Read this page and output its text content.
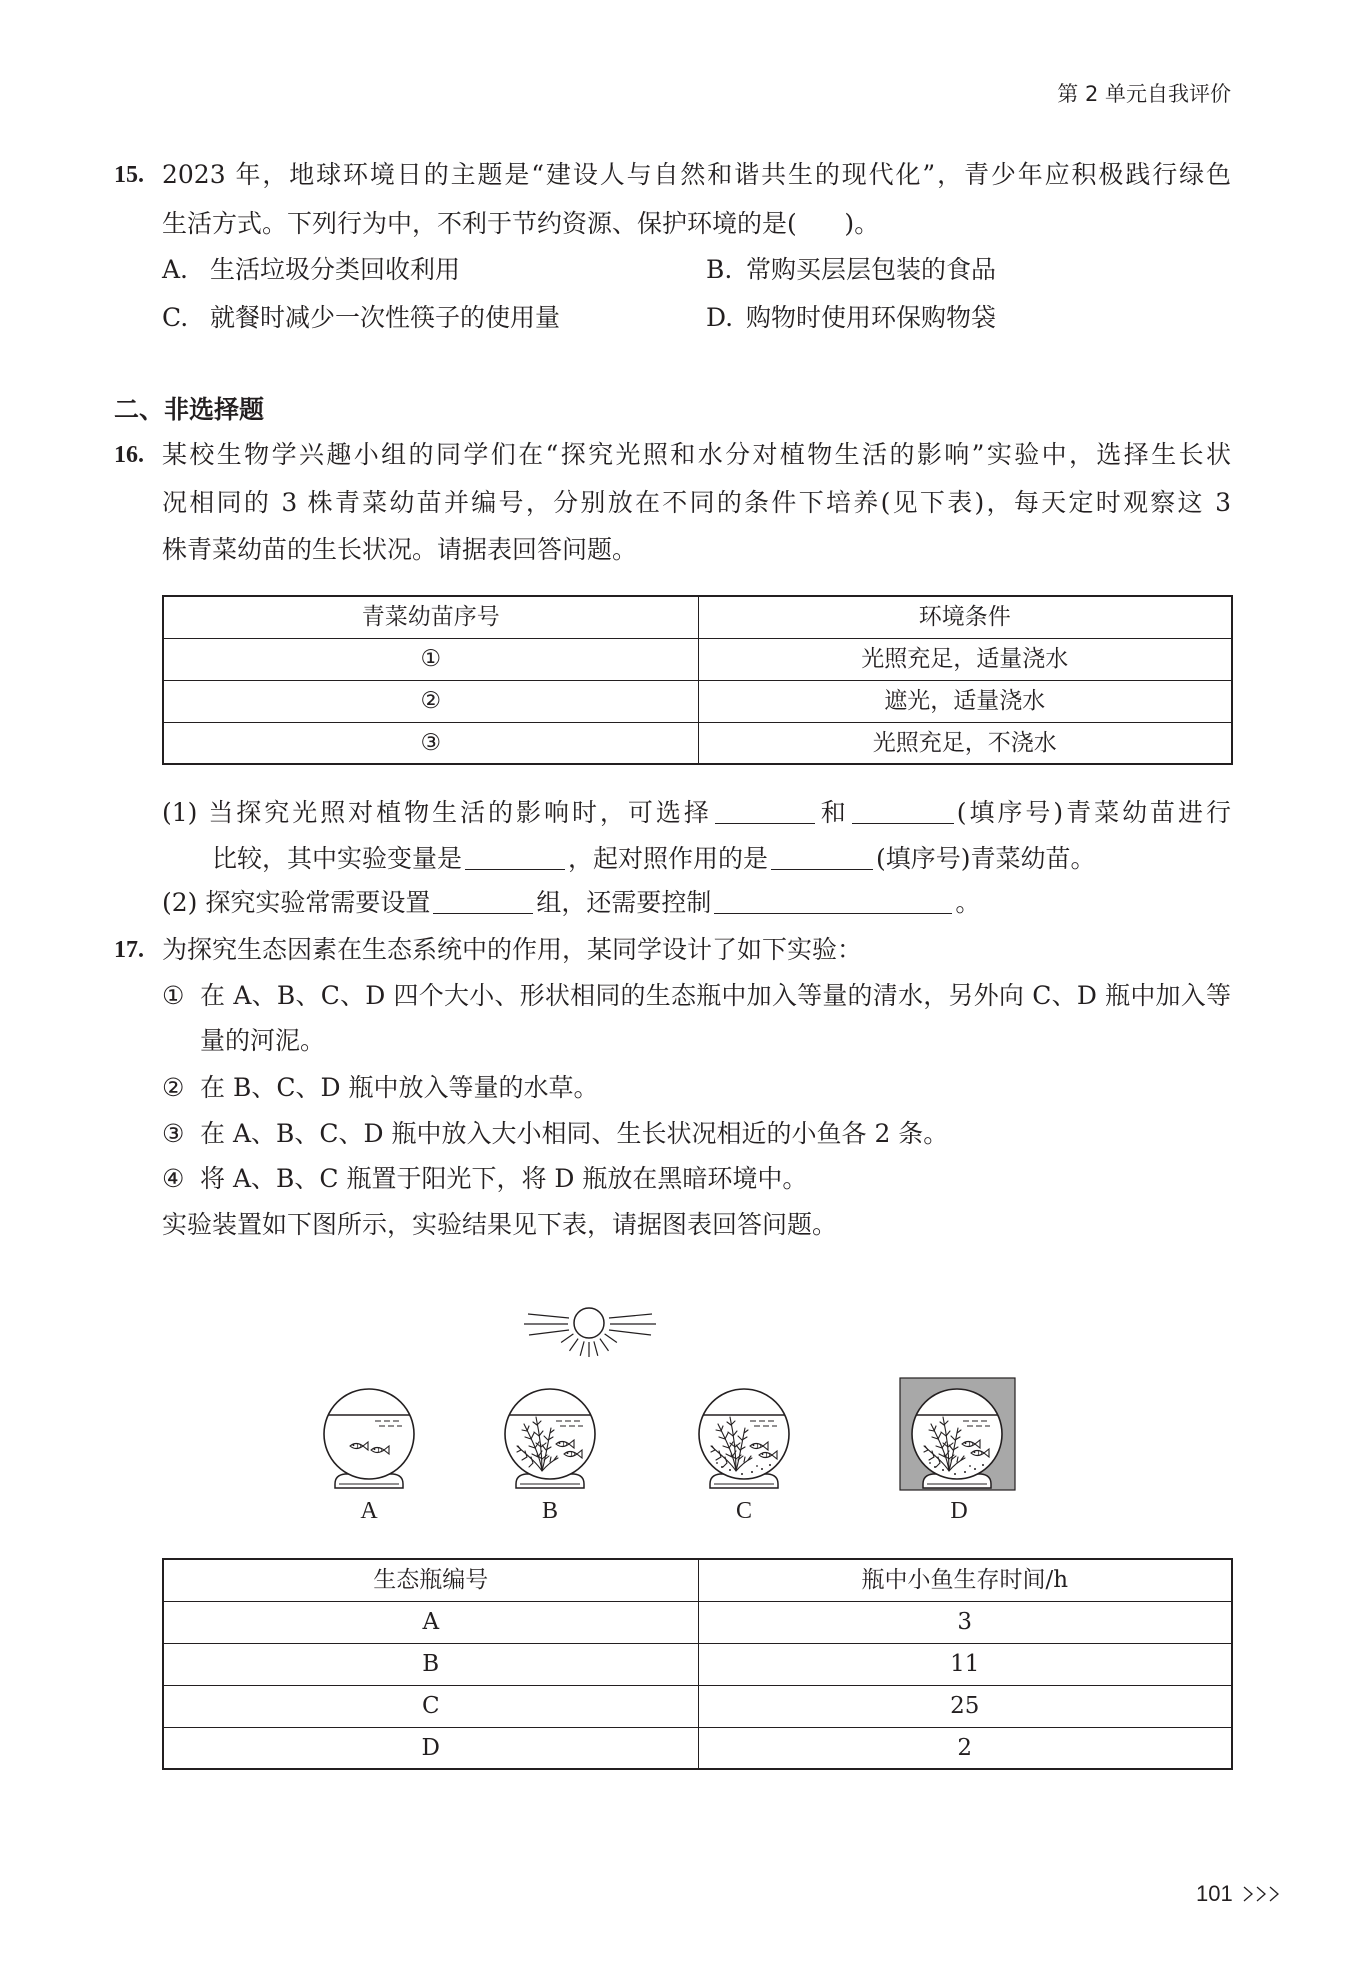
第 2 单元自我评价
15. 2023 年，地球环境日的主题是“建设人与自然和谐共生的现代化”，青少年应积极践行绿色
生活方式。下列行为中，不利于节约资源、保护环境的是(      )。
A. 生活垃圾分类回收利用	B. 常购买层层包装的食品
C. 就餐时减少一次性筷子的使用量	D. 购物时使用环保购物袋
二、非选择题
16. 某校生物学兴趣小组的同学们在“探究光照和水分对植物生活的影响”实验中，选择生长状
况相同的 3 株青菜幼苗并编号，分别放在不同的条件下培养(见下表)，每天定时观察这 3
株青菜幼苗的生长状况。请据表回答问题。
青菜幼苗序号	环境条件
①	光照充足，适量浇水
②	遮光，适量浇水
③	光照充足，不浇水
(1) 当探究光照对植物生活的影响时，可选择	和	(填序号)青菜幼苗进行
比较，其中实验变量是	，起对照作用的是	(填序号)青菜幼苗。
(2) 探究实验常需要设置	组，还需要控制	。
17. 为探究生态因素在生态系统中的作用，某同学设计了如下实验：
① 在 A、B、C、D 四个大小、形状相同的生态瓶中加入等量的清水，另外向 C、D 瓶中加入等
量的河泥。
② 在 B、C、D 瓶中放入等量的水草。
③ 在 A、B、C、D 瓶中放入大小相同、生长状况相近的小鱼各 2 条。
④ 将 A、B、C 瓶置于阳光下，将 D 瓶放在黑暗环境中。
实验装置如下图所示，实验结果见下表，请据图表回答问题。
A	B	C	D
生态瓶编号	瓶中小鱼生存时间/h
A	3
B	11
C	25
D	2
101
